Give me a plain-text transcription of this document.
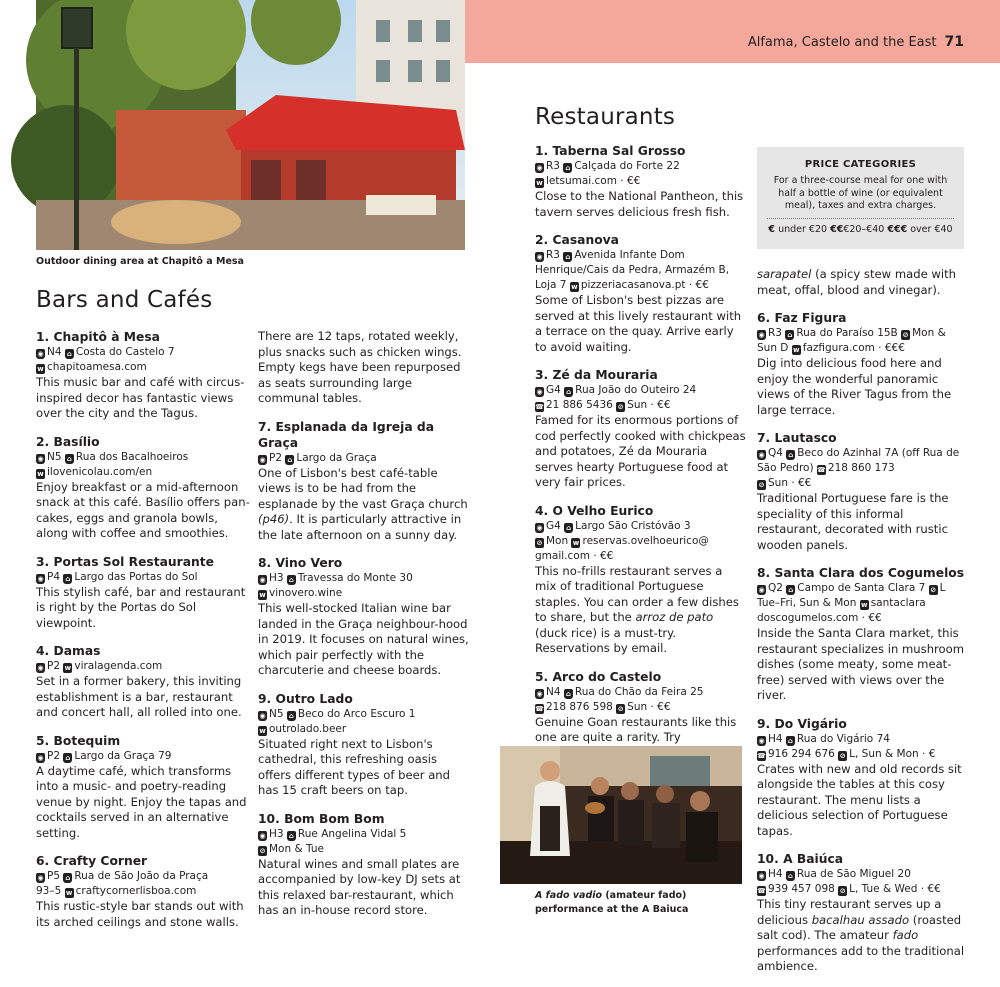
Alfama, Castelo and the East 71
Outdoor dining area at Chapitô a Mesa
Bars and Cafés
1. Chapitô à Mesa
◉ N4 ⌂ Costa do Castelo 7
w chapitoamesa.com
This music bar and café with circus-inspired decor has fantastic views over the city and the Tagus.
2. Basílio
◉ N5 ⌂ Rua dos Bacalhoeiros
w ilovenicolau.com/en
Enjoy breakfast or a mid-afternoon snack at this café. Basílio offers pan-cakes, eggs and granola bowls, along with coffee and smoothies.
3. Portas Sol Restaurante
◉ P4 ⌂ Largo das Portas do Sol
This stylish café, bar and restaurant is right by the Portas do Sol viewpoint.
4. Damas
◉ P2 w viralagenda.com
Set in a former bakery, this inviting establishment is a bar, restaurant and concert hall, all rolled into one.
5. Botequim
◉ P2 ⌂ Largo da Graça 79
A daytime café, which transforms into a music- and poetry-reading venue by night. Enjoy the tapas and cocktails served in an alternative setting.
6. Crafty Corner
◉ P5 ⌂ Rua de São João da Praça
93–5 w craftycornerlisboa.com
This rustic-style bar stands out with its arched ceilings and stone walls.
There are 12 taps, rotated weekly, plus snacks such as chicken wings. Empty kegs have been repurposed as seats surrounding large communal tables.
7. Esplanada da Igreja da Graça
◉ P2 ⌂ Largo da Graça
One of Lisbon's best café-table views is to be had from the esplanade by the vast Graça church (p46). It is particularly attractive in the late afternoon on a sunny day.
8. Vino Vero
◉ H3 ⌂ Travessa do Monte 30
w vinovero.wine
This well-stocked Italian wine bar landed in the Graça neighbour-hood in 2019. It focuses on natural wines, which pair perfectly with the charcuterie and cheese boards.
9. Outro Lado
◉ N5 ⌂ Beco do Arco Escuro 1
w outrolado.beer
Situated right next to Lisbon's cathedral, this refreshing oasis offers different types of beer and has 15 craft beers on tap.
10. Bom Bom Bom
◉ H3 ⌂ Rue Angelina Vidal 5
⊘ Mon & Tue
Natural wines and small plates are accompanied by low-key DJ sets at this relaxed bar-restaurant, which has an in-house record store.
Restaurants
1. Taberna Sal Grosso
◉ R3 ⌂ Calçada do Forte 22
w letsumai.com · €€
Close to the National Pantheon, this tavern serves delicious fresh fish.
2. Casanova
◉ R3 ⌂ Avenida Infante Dom Henrique/Cais da Pedra, Armazém B, Loja 7 w pizzeriacasanova.pt · €€
Some of Lisbon's best pizzas are served at this lively restaurant with a terrace on the quay. Arrive early to avoid waiting.
3. Zé da Mouraria
◉ G4 ⌂ Rua João do Outeiro 24
☎ 21 886 5436 ⊘ Sun · €€
Famed for its enormous portions of cod perfectly cooked with chickpeas and potatoes, Zé da Mouraria serves hearty Portuguese food at very fair prices.
4. O Velho Eurico
◉ G4 ⌂ Largo São Cristóvão 3
⊘ Mon w reservas.ovelhoeurico@ gmail.com · €€
This no-frills restaurant serves a mix of traditional Portuguese staples. You can order a few dishes to share, but the arroz de pato (duck rice) is a must-try. Reservations by email.
5. Arco do Castelo
◉ N4 ⌂ Rua do Chão da Feira 25
☎ 218 876 598 ⊘ Sun · €€
Genuine Goan restaurants like this one are quite a rarity. Try
A fado vadio (amateur fado)
performance at the A Baiuca
PRICE CATEGORIES
For a three-course meal for one with half a bottle of wine (or equivalent meal), taxes and extra charges.
€ under €20 €€€20–€40 €€€ over €40
sarapatel (a spicy stew made with meat, offal, blood and vinegar).
6. Faz Figura
◉ R3 ⌂ Rua do Paraíso 15B ⊘ Mon & Sun D w fazfigura.com · €€€
Dig into delicious food here and enjoy the wonderful panoramic views of the River Tagus from the large terrace.
7. Lautasco
◉ Q4 ⌂ Beco do Azinhal 7A (off Rua de São Pedro) ☎ 218 860 173
⊘ Sun · €€
Traditional Portuguese fare is the speciality of this informal restaurant, decorated with rustic wooden panels.
8. Santa Clara dos Cogumelos
◉ Q2 ⌂ Campo de Santa Clara 7 ⊘ L Tue–Fri, Sun & Mon w santaclara doscogumelos.com · €€
Inside the Santa Clara market, this restaurant specializes in mushroom dishes (some meaty, some meat-free) served with views over the river.
9. Do Vigário
◉ H4 ⌂ Rua do Vigário 74
☎ 916 294 676 ⊘ L, Sun & Mon · €
Crates with new and old records sit alongside the tables at this cosy restaurant. The menu lists a delicious selection of Portuguese tapas.
10. A Baiúca
◉ H4 ⌂ Rua de São Miguel 20
☎ 939 457 098 ⊘ L, Tue & Wed · €€
This tiny restaurant serves up a delicious bacalhau assado (roasted salt cod). The amateur fado performances add to the traditional ambience.
